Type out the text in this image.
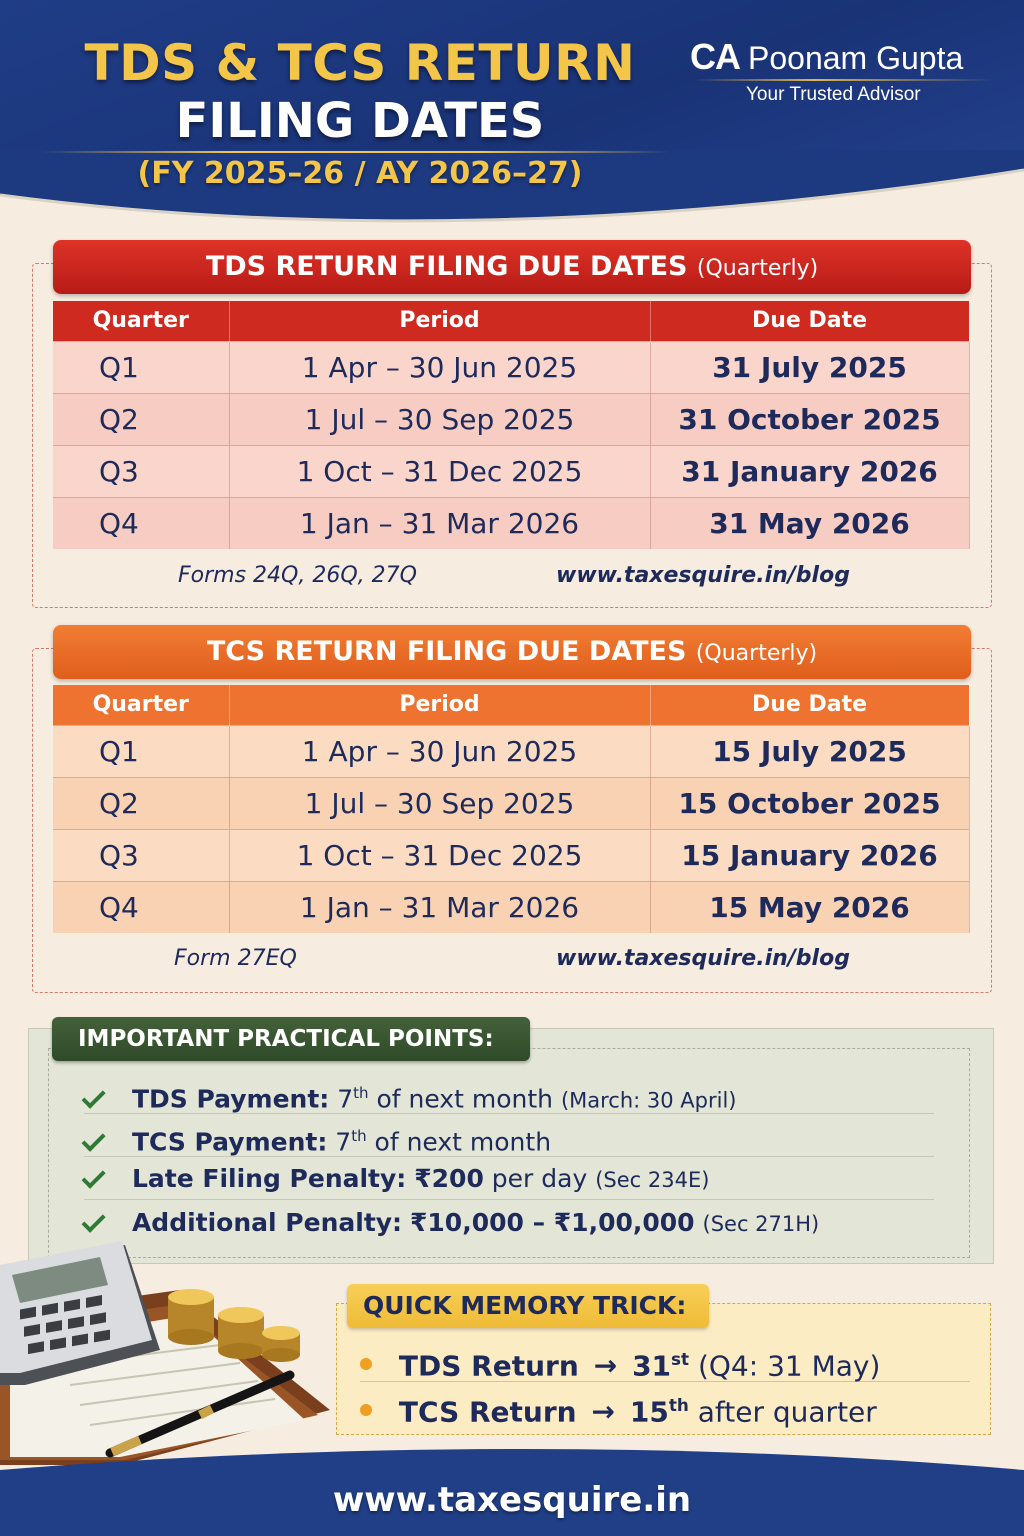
TDS & TCS RETURN
FILING DATES
(FY 2025–26 / AY 2026–27)
CA Poonam Gupta
Your Trusted Advisor
TDS RETURN FILING DUE DATES (Quarterly)
Quarter	Period	Due Date
Q1	1 Apr – 30 Jun 2025	31 July 2025
Q2	1 Jul – 30 Sep 2025	31 October 2025
Q3	1 Oct – 31 Dec 2025	31 January 2026
Q4	1 Jan – 31 Mar 2026	31 May 2026
Forms 24Q, 26Q, 27Q	www.taxesquire.in/blog
TCS RETURN FILING DUE DATES (Quarterly)
Quarter	Period	Due Date
Q1	1 Apr – 30 Jun 2025	15 July 2025
Q2	1 Jul – 30 Sep 2025	15 October 2025
Q3	1 Oct – 31 Dec 2025	15 January 2026
Q4	1 Jan – 31 Mar 2026	15 May 2026
Form 27EQ	www.taxesquire.in/blog
IMPORTANT PRACTICAL POINTS:
TDS Payment: 7th of next month (March: 30 April)
TCS Payment: 7th of next month
Late Filing Penalty: ₹200 per day (Sec 234E)
Additional Penalty: ₹10,000 – ₹1,00,000 (Sec 271H)
QUICK MEMORY TRICK:
TDS Return → 31st (Q4: 31 May)
TCS Return → 15th after quarter
www.taxesquire.in
